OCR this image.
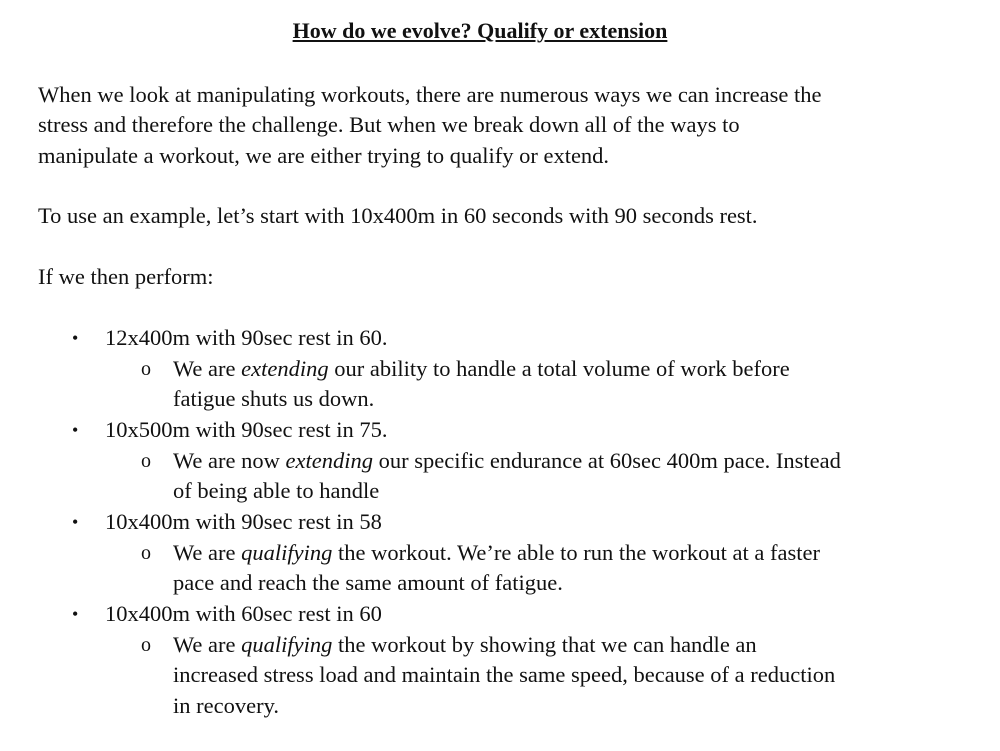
How do we evolve? Qualify or extension
When we look at manipulating workouts, there are numerous ways we can increase the
stress and therefore the challenge. But when we break down all of the ways to
manipulate a workout, we are either trying to qualify or extend.
To use an example, let’s start with 10x400m in 60 seconds with 90 seconds rest.
If we then perform:
• 12x400m with 90sec rest in 60.
o We are extending our ability to handle a total volume of work before
fatigue shuts us down.
• 10x500m with 90sec rest in 75.
o We are now extending our specific endurance at 60sec 400m pace. Instead
of being able to handle
• 10x400m with 90sec rest in 58
o We are qualifying the workout. We’re able to run the workout at a faster
pace and reach the same amount of fatigue.
• 10x400m with 60sec rest in 60
o We are qualifying the workout by showing that we can handle an
increased stress load and maintain the same speed, because of a reduction
in recovery.
